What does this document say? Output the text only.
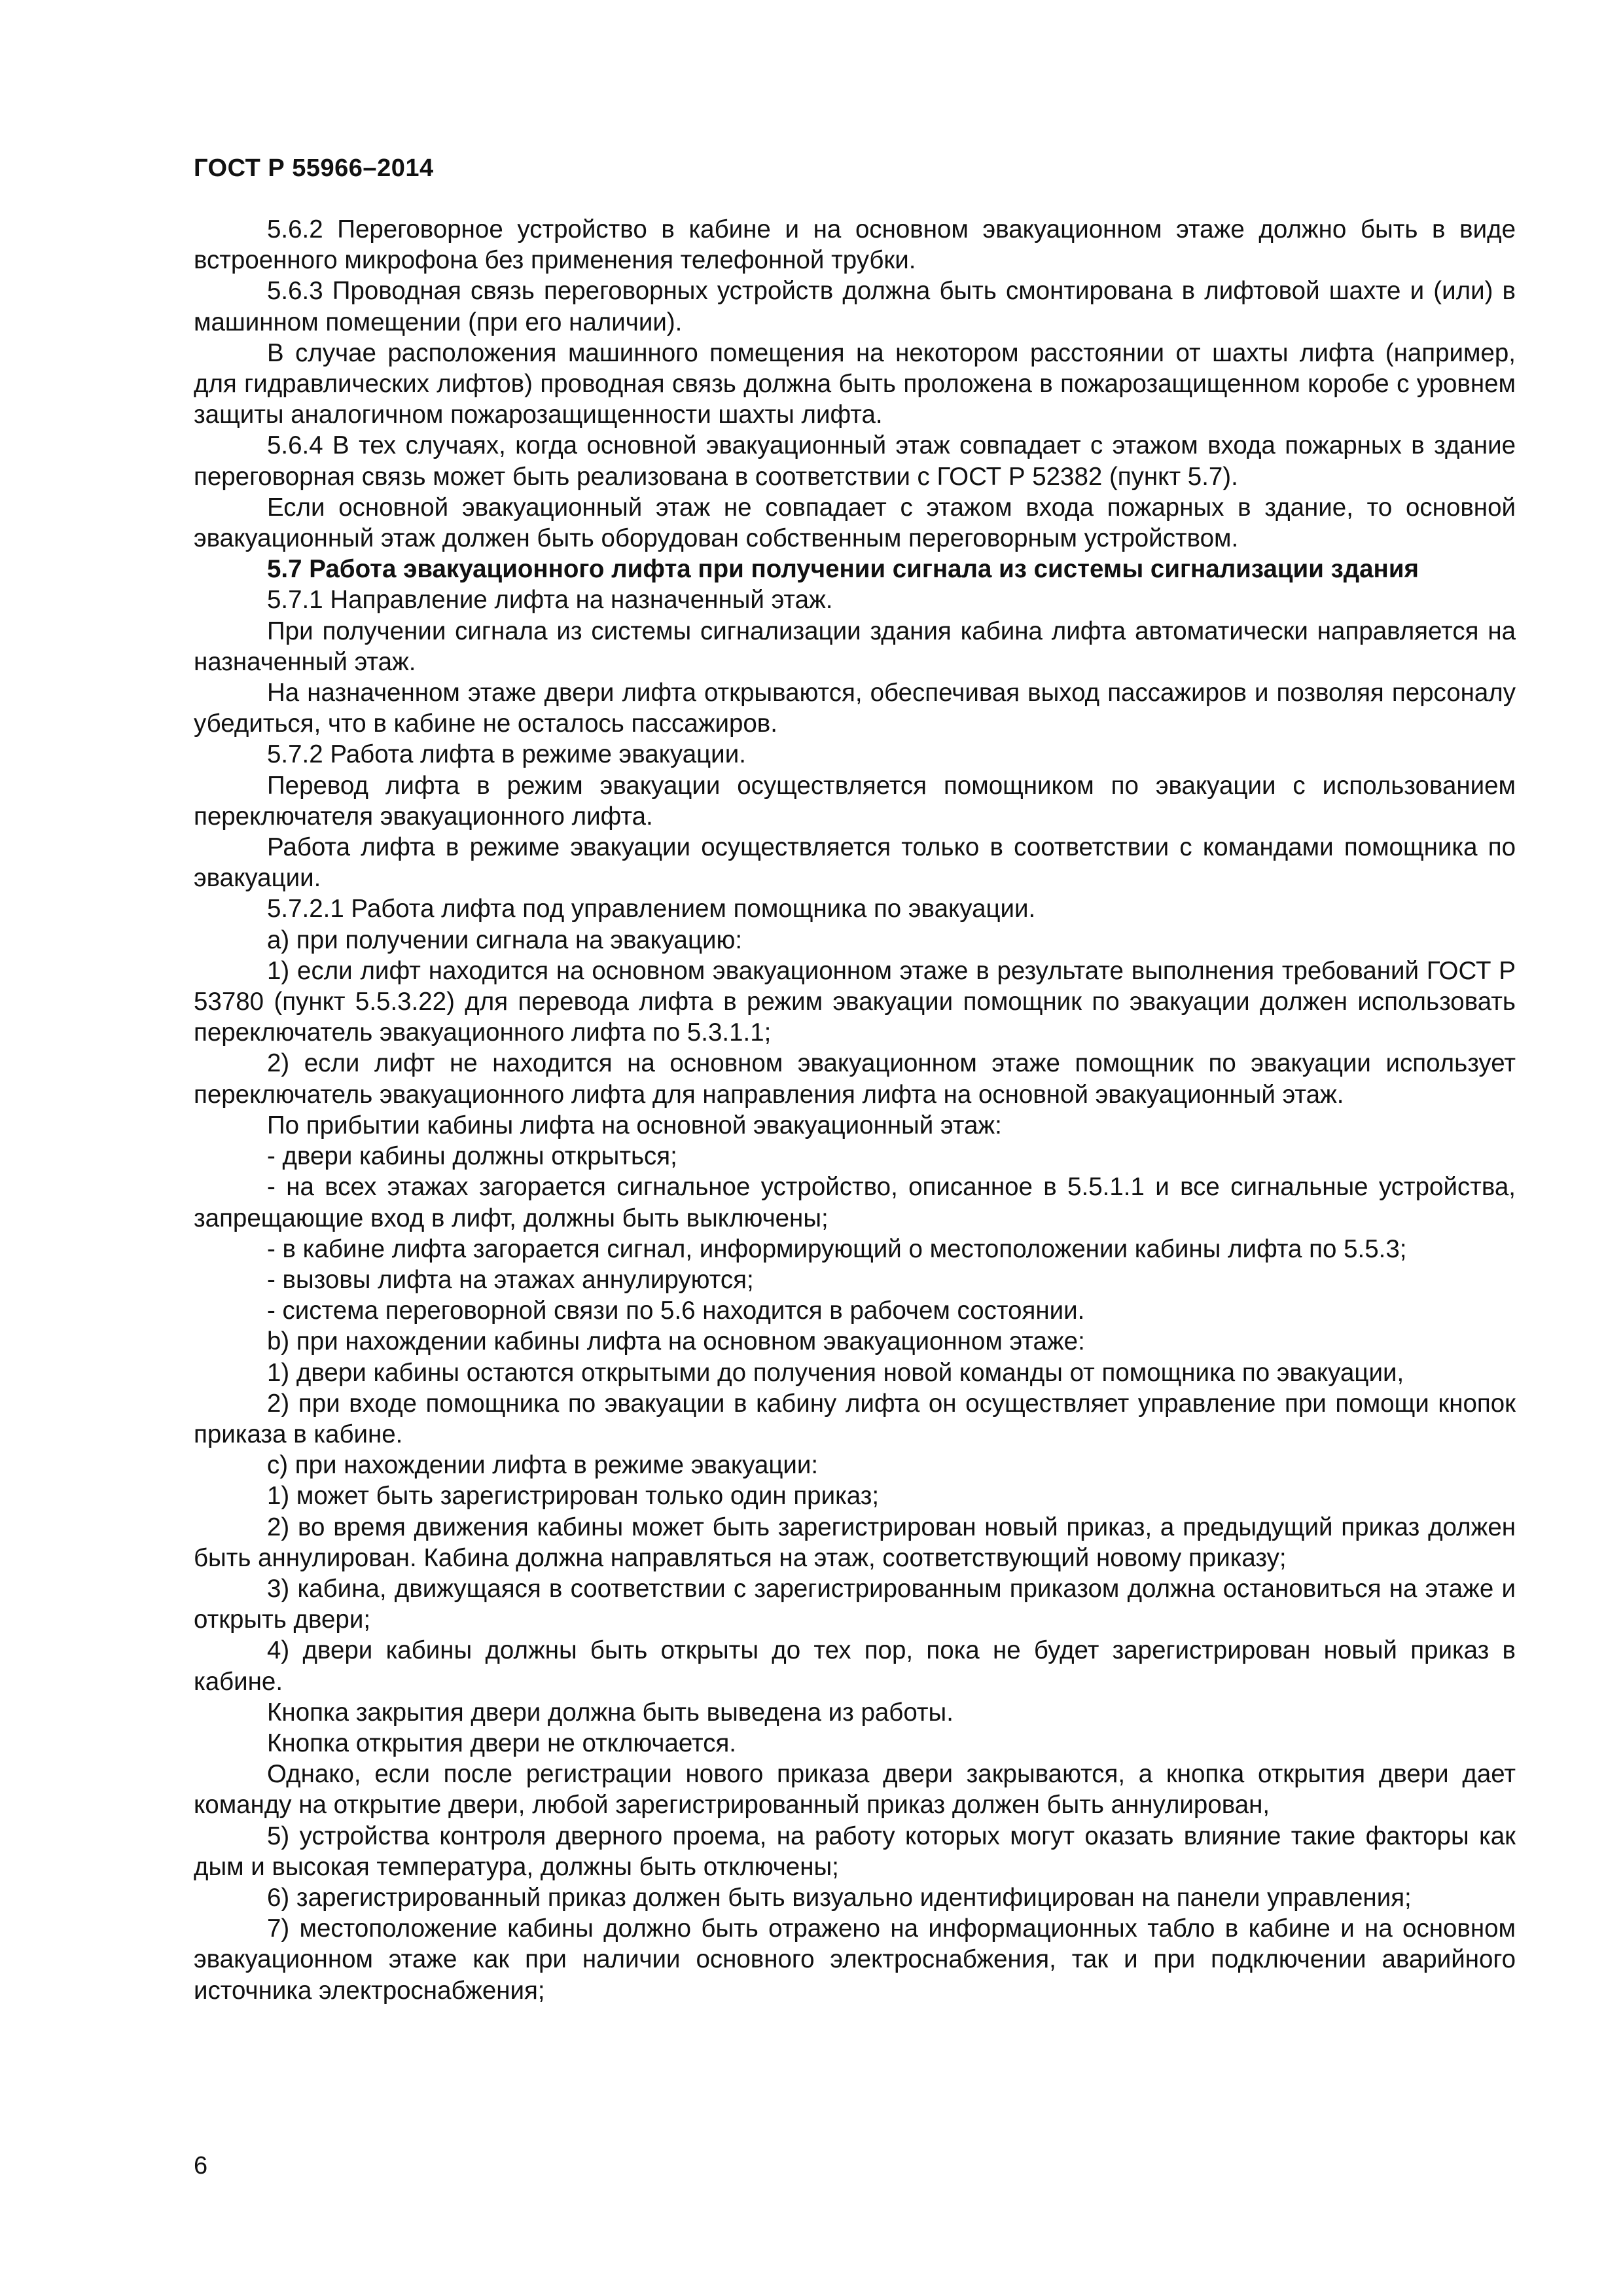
ГОСТ Р 55966–2014

5.6.2 Переговорное устройство в кабине и на основном эвакуационном этаже должно быть в виде встроенного микрофона без применения телефонной трубки.

5.6.3 Проводная связь переговорных устройств должна быть смонтирована в лифтовой шахте и (или) в машинном помещении (при его наличии).

В случае расположения машинного помещения на некотором расстоянии от шахты лифта (например, для гидравлических лифтов) проводная связь должна быть проложена в пожарозащищенном коробе с уровнем защиты аналогичном пожарозащищенности шахты лифта.

5.6.4 В тех случаях, когда основной эвакуационный этаж совпадает с этажом входа пожарных в здание переговорная связь может быть реализована в соответствии с ГОСТ Р 52382 (пункт 5.7).

Если основной эвакуационный этаж не совпадает с этажом входа пожарных в здание, то основной эвакуационный этаж должен быть оборудован собственным переговорным устройством.

5.7 Работа эвакуационного лифта при получении сигнала из системы сигнализации здания

5.7.1 Направление лифта на назначенный этаж.

При получении сигнала из системы сигнализации здания кабина лифта автоматически направляется на назначенный этаж.

На назначенном этаже двери лифта открываются, обеспечивая выход пассажиров и позволяя персоналу убедиться, что в кабине не осталось пассажиров.

5.7.2 Работа лифта в режиме эвакуации.

Перевод лифта в режим эвакуации осуществляется помощником по эвакуации с использованием переключателя эвакуационного лифта.

Работа лифта в режиме эвакуации осуществляется только в соответствии с командами помощника по эвакуации.

5.7.2.1 Работа лифта под управлением помощника по эвакуации.

а) при получении сигнала на эвакуацию:

1) если лифт находится на основном эвакуационном этаже в результате выполнения требований ГОСТ Р 53780 (пункт 5.5.3.22) для перевода лифта в режим эвакуации помощник по эвакуации должен использовать переключатель эвакуационного лифта по 5.3.1.1;

2) если лифт не находится на основном эвакуационном этаже помощник по эвакуации использует переключатель эвакуационного лифта для направления лифта на основной эвакуационный этаж.

По прибытии кабины лифта на основной эвакуационный этаж:

- двери кабины должны открыться;

- на всех этажах загорается сигнальное устройство, описанное в 5.5.1.1 и все сигнальные устройства, запрещающие вход в лифт, должны быть выключены;

- в кабине лифта загорается сигнал, информирующий о местоположении кабины лифта по 5.5.3;

- вызовы лифта на этажах аннулируются;

- система переговорной связи по 5.6 находится в рабочем состоянии.

b) при нахождении кабины лифта на основном эвакуационном этаже:

1) двери кабины остаются открытыми до получения новой команды от помощника по эвакуации,

2) при входе помощника по эвакуации в кабину лифта он осуществляет управление при помощи кнопок приказа в кабине.

с) при нахождении лифта в режиме эвакуации:

1) может быть зарегистрирован только один приказ;

2) во время движения кабины может быть зарегистрирован новый приказ, а предыдущий приказ должен быть аннулирован. Кабина должна направляться на этаж, соответствующий новому приказу;

3) кабина, движущаяся в соответствии с зарегистрированным приказом должна остановиться на этаже и открыть двери;

4) двери кабины должны быть открыты до тех пор, пока не будет зарегистрирован новый приказ в кабине.

Кнопка закрытия двери должна быть выведена из работы.

Кнопка открытия двери не отключается.

Однако, если после регистрации нового приказа двери закрываются, а кнопка открытия двери дает команду на открытие двери, любой зарегистрированный приказ должен быть аннулирован,

5) устройства контроля дверного проема, на работу которых могут оказать влияние такие факторы как дым и высокая температура, должны быть отключены;

6) зарегистрированный приказ должен быть визуально идентифицирован на панели управления;

7) местоположение кабины должно быть отражено на информационных табло в кабине и на основном эвакуационном этаже как при наличии основного электроснабжения, так и при подключении аварийного источника электроснабжения;

6
